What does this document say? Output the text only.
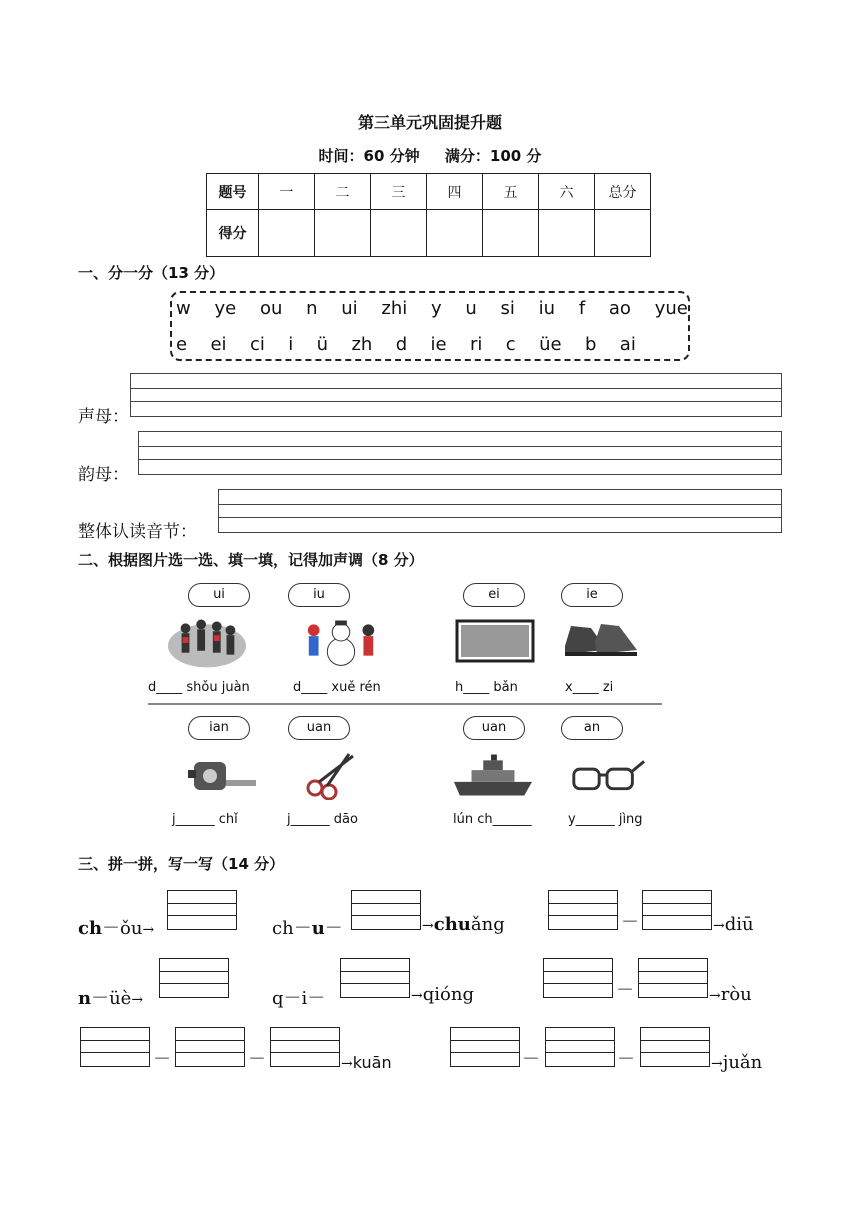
第三单元巩固提升题
时间：60 分钟 满分：100 分
题号	一	二	三	四	五	六	总分
得分							
一、分一分（13 分）
w ye ou n ui zhi y u si iu f ao yue
e ei ci i ü zh d ie ri c üe b ai
声母：
韵母：
整体认读音节：
二、根据图片选一选、填一填，记得加声调（8 分）
ui	iu	ei	ie
d____ shǒu juàn	d____ xuě rén	h____ bǎn	x____ zi
ian	uan	uan	an
j______ chǐ	j______ dāo	lún ch______	y______ jìng
三、拼一拼，写一写（14 分）
ch－ǒu→	ch－u－	→chuǎng	－	→diū
n－üè→	q－i－	→qióng	－	→ròu
－	－	→kuān	－	－	→juǎn
